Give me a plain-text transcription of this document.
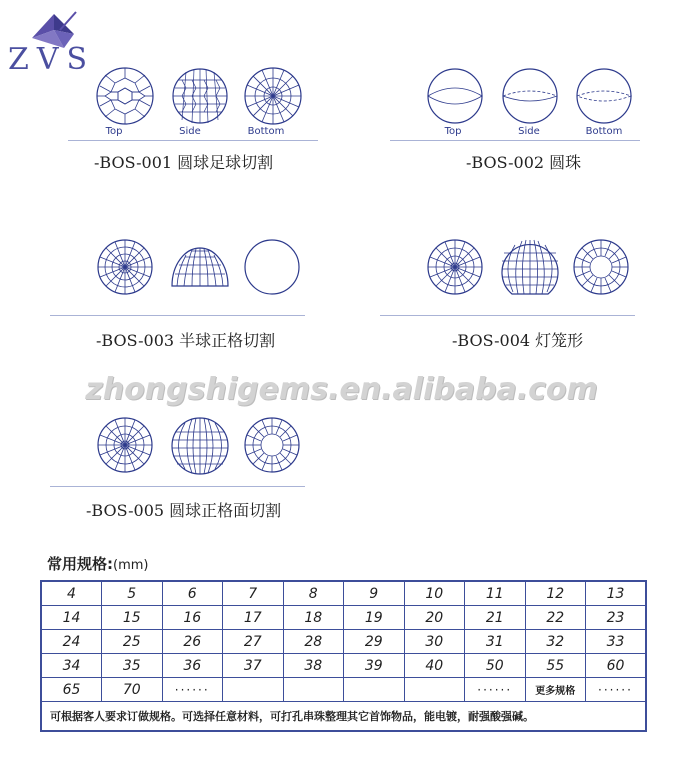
ZVS
Top	Side	Bottom
-BOS-001 圆球足球切割
Top	Side	Bottom
-BOS-002 圆珠
-BOS-003 半球正格切割	-BOS-004 灯笼形
zhongshigems.en.alibaba.com
-BOS-005 圆球正格面切割
常用规格:(mm)
4	5	6	7	8	9	10	11	12	13
14	15	16	17	18	19	20	21	22	23
24	25	26	27	28	29	30	31	32	33
34	35	36	37	38	39	40	50	55	60
65	70	······					······	更多规格	······
可根据客人要求订做规格。可选择任意材料，可打孔串珠整理其它首饰物品，能电镀，耐强酸强碱。									
